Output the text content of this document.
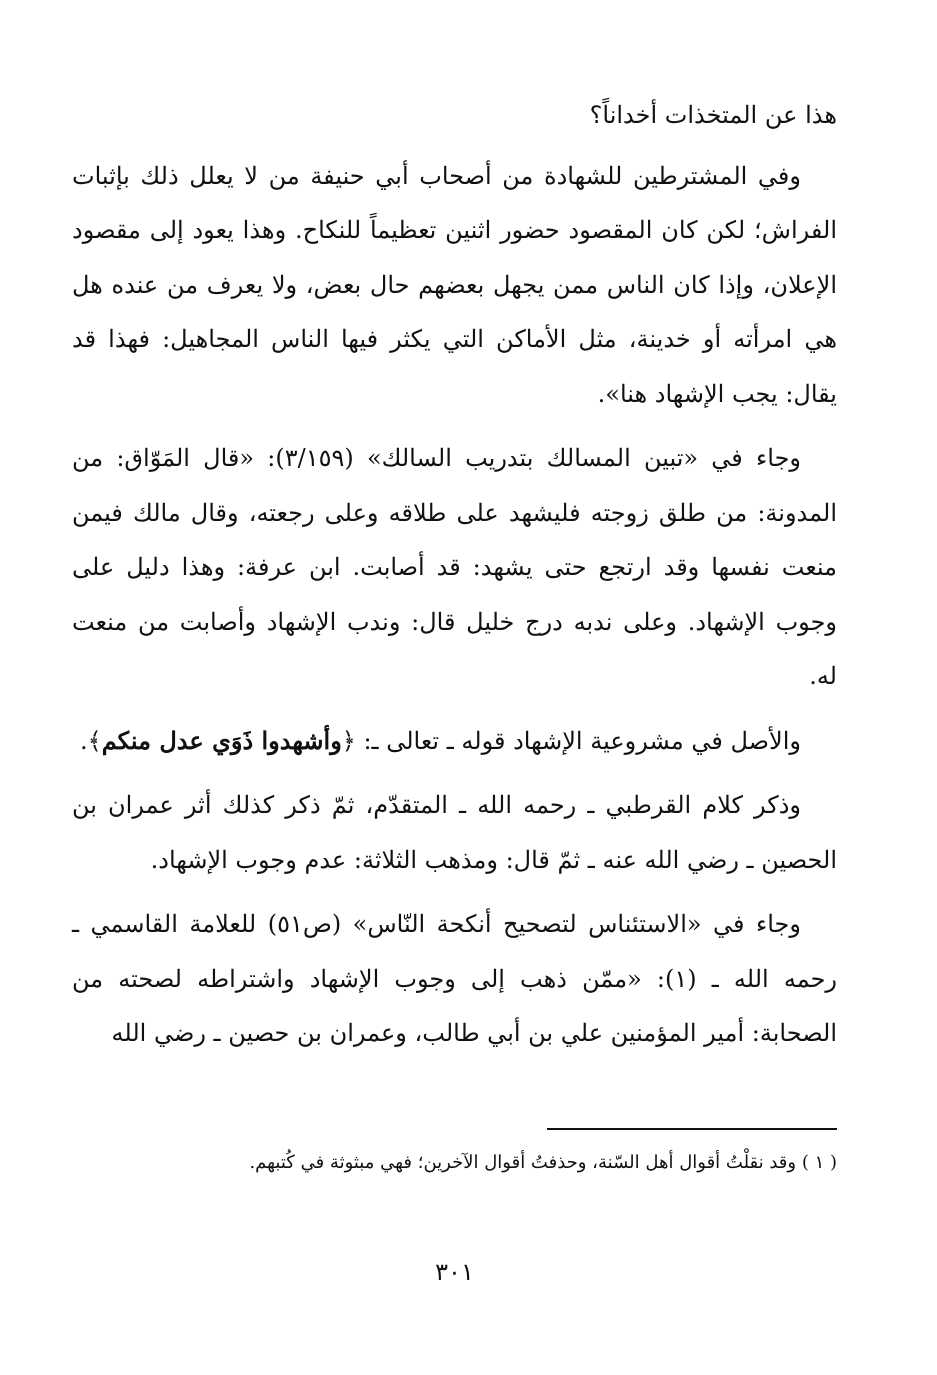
هذا عن المتخذات أخداناً؟

وفي المشترطين للشهادة من أصحاب أبي حنيفة من لا يعلل ذلك بإثبات الفراش؛ لكن كان المقصود حضور اثنين تعظيماً للنكاح. وهذا يعود إلى مقصود الإعلان، وإذا كان الناس ممن يجهل بعضهم حال بعض، ولا يعرف من عنده هل هي امرأته أو خدينة، مثل الأماكن التي يكثر فيها الناس المجاهيل: فهذا قد يقال: يجب الإشهاد هنا».

وجاء في «تبين المسالك بتدريب السالك» (٣/١٥٩): «قال المَوّاق: من المدونة: من طلق زوجته فليشهد على طلاقه وعلى رجعته، وقال مالك فيمن منعت نفسها وقد ارتجع حتى يشهد: قد أصابت. ابن عرفة: وهذا دليل على وجوب الإشهاد. وعلى ندبه درج خليل قال: وندب الإشهاد وأصابت من منعت له.

والأصل في مشروعية الإشهاد قوله ـ تعالى ـ: ﴿وأشهدوا ذَوَي عدل منكم﴾.

وذكر كلام القرطبي ـ رحمه الله ـ المتقدّم، ثمّ ذكر كذلك أثر عمران بن الحصين ـ رضي الله عنه ـ ثمّ قال: ومذهب الثلاثة: عدم وجوب الإشهاد.

وجاء في «الاستئناس لتصحيح أنكحة النّاس» (ص٥١) للعلامة القاسمي ـ رحمه الله ـ (١): «ممّن ذهب إلى وجوب الإشهاد واشتراطه لصحته من الصحابة: أمير المؤمنين علي بن أبي طالب، وعمران بن حصين ـ رضي الله

( ١ ) وقد نقلْتُ أقوال أهل السّنة، وحذفتُ أقوال الآخرين؛ فهي مبثوثة في كُتبهم.

٣٠١
